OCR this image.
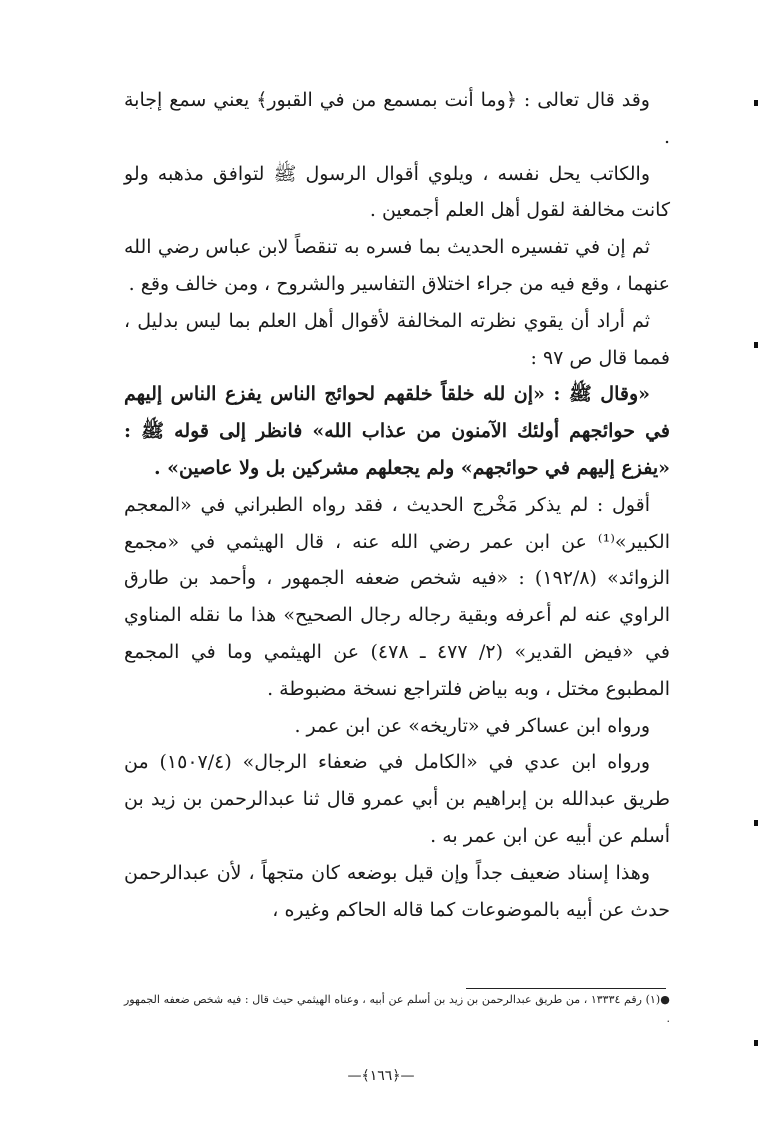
وقد قال تعالى : ﴿وما أنت بمسمع من في القبور﴾ يعني سمع إجابة .

والكاتب يحل نفسه ، ويلوي أقوال الرسول ﷺ لتوافق مذهبه ولو كانت مخالفة لقول أهل العلم أجمعين .

ثم إن في تفسيره الحديث بما فسره به تنقصاً لابن عباس رضي الله عنهما ، وقع فيه من جراء اختلاق التفاسير والشروح ، ومن خالف وقع .

ثم أراد أن يقوي نظرته المخالفة لأقوال أهل العلم بما ليس بدليل ، فمما قال ص ٩٧ :

«وقال ﷺ : «إن لله خلقاً خلقهم لحوائج الناس يفزع الناس إليهم في حوائجهم أولئك الآمنون من عذاب الله» فانظر إلى قوله ﷺ : «يفزع إليهم في حوائجهم» ولم يجعلهم مشركين بل ولا عاصين» .

أقول : لم يذكر مَخْرج الحديث ، فقد رواه الطبراني في «المعجم الكبير»⁽¹⁾ عن ابن عمر رضي الله عنه ، قال الهيثمي في «مجمع الزوائد» (١٩٢/٨) : «فيه شخص ضعفه الجمهور ، وأحمد بن طارق الراوي عنه لم أعرفه وبقية رجاله رجال الصحيح» هذا ما نقله المناوي في «فيض القدير» (٢/ ٤٧٧ ـ ٤٧٨) عن الهيثمي وما في المجمع المطبوع مختل ، وبه بياض فلتراجع نسخة مضبوطة .

ورواه ابن عساكر في «تاريخه» عن ابن عمر .

ورواه ابن عدي في «الكامل في ضعفاء الرجال» (١٥٠٧/٤) من طريق عبدالله بن إبراهيم بن أبي عمرو قال ثنا عبدالرحمن بن زيد بن أسلم عن أبيه عن ابن عمر به .

وهذا إسناد ضعيف جداً وإن قيل بوضعه كان متجهاً ، لأن عبدالرحمن حدث عن أبيه بالموضوعات كما قاله الحاكم وغيره ،

●(١) رقم ١٣٣٣٤ ، من طريق عبدالرحمن بن زيد بن أسلم عن أبيه ، وعناه الهيثمي حيث قال : فيه شخص ضعفه الجمهور .
—﴿١٦٦﴾—
